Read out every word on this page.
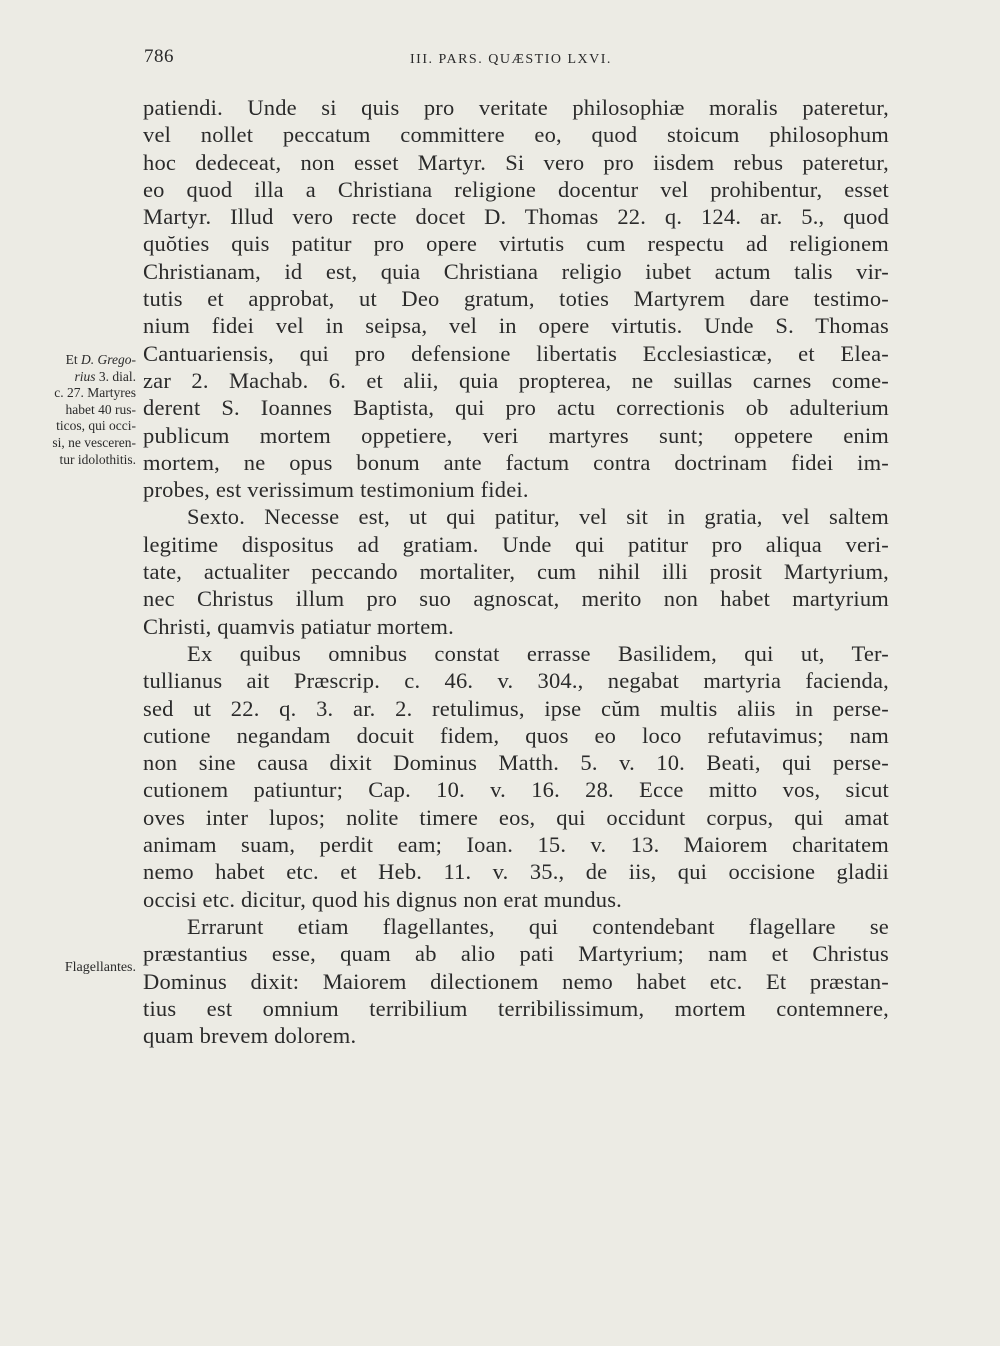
786	III. PARS. QUÆSTIO LXVI.
Et D. Grego-
rius 3. dial.
c. 27. Martyres
habet 40 rus-
ticos, qui occi-
si, ne vesceren-
tur idolothitis.
Flagellantes.
patiendi. Unde si quis pro veritate philosophiæ moralis pateretur,
vel nollet peccatum committere eo, quod stoicum philosophum
hoc dedeceat, non esset Martyr. Si vero pro iisdem rebus pateretur,
eo quod illa a Christiana religione docentur vel prohibentur, esset
Martyr. Illud vero recte docet D. Thomas 22. q. 124. ar. 5., quod
quŏties quis patitur pro opere virtutis cum respectu ad religionem
Christianam, id est, quia Christiana religio iubet actum talis vir-
tutis et approbat, ut Deo gratum, toties Martyrem dare testimo-
nium fidei vel in seipsa, vel in opere virtutis. Unde S. Thomas
Cantuariensis, qui pro defensione libertatis Ecclesiasticæ, et Elea-
zar 2. Machab. 6. et alii, quia propterea, ne suillas carnes come-
derent S. Ioannes Baptista, qui pro actu correctionis ob adulterium
publicum mortem oppetiere, veri martyres sunt; oppetere enim
mortem, ne opus bonum ante factum contra doctrinam fidei im-
probes, est verissimum testimonium fidei.
Sexto. Necesse est, ut qui patitur, vel sit in gratia, vel saltem
legitime dispositus ad gratiam. Unde qui patitur pro aliqua veri-
tate, actualiter peccando mortaliter, cum nihil illi prosit Martyrium,
nec Christus illum pro suo agnoscat, merito non habet martyrium
Christi, quamvis patiatur mortem.
Ex quibus omnibus constat errasse Basilidem, qui ut, Ter-
tullianus ait Præscrip. c. 46. v. 304., negabat martyria facienda,
sed ut 22. q. 3. ar. 2. retulimus, ipse cŭm multis aliis in perse-
cutione negandam docuit fidem, quos eo loco refutavimus; nam
non sine causa dixit Dominus Matth. 5. v. 10. Beati, qui perse-
cutionem patiuntur; Cap. 10. v. 16. 28. Ecce mitto vos, sicut
oves inter lupos; nolite timere eos, qui occidunt corpus, qui amat
animam suam, perdit eam; Ioan. 15. v. 13. Maiorem charitatem
nemo habet etc. et Heb. 11. v. 35., de iis, qui occisione gladii
occisi etc. dicitur, quod his dignus non erat mundus.
Errarunt etiam flagellantes, qui contendebant flagellare se
præstantius esse, quam ab alio pati Martyrium; nam et Christus
Dominus dixit: Maiorem dilectionem nemo habet etc. Et præstan-
tius est omnium terribilium terribilissimum, mortem contemnere,
quam brevem dolorem.
